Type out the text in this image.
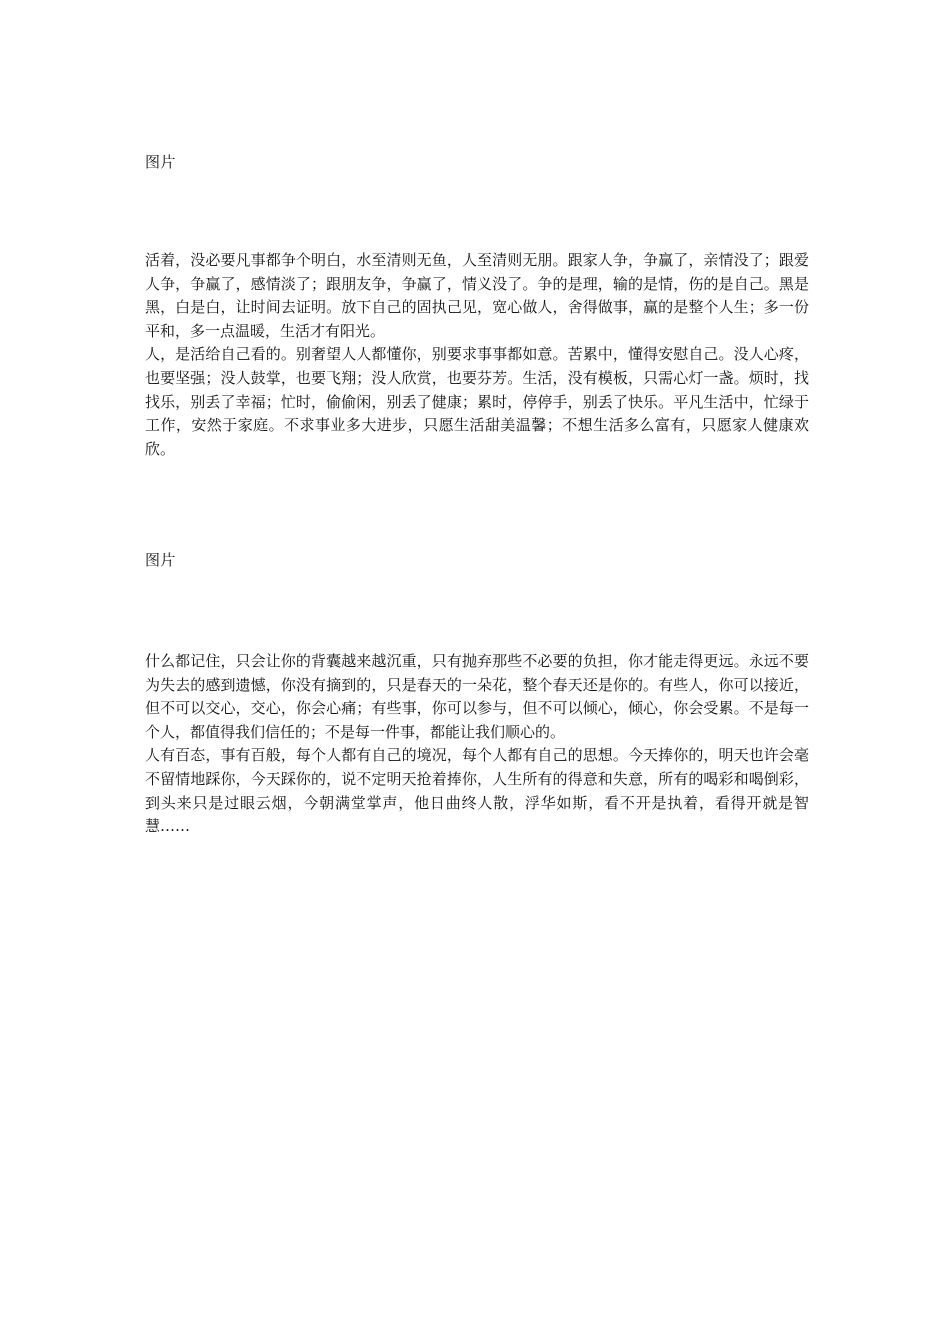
图片

活着，没必要凡事都争个明白，水至清则无鱼，人至清则无朋。跟家人争，争赢了，亲情没了；跟爱人争，争赢了，感情淡了；跟朋友争，争赢了，情义没了。争的是理，输的是情，伤的是自己。黑是黑，白是白，让时间去证明。放下自己的固执己见，宽心做人，舍得做事，赢的是整个人生；多一份平和，多一点温暖，生活才有阳光。

人，是活给自己看的。别奢望人人都懂你，别要求事事都如意。苦累中，懂得安慰自己。没人心疼，也要坚强；没人鼓掌，也要飞翔；没人欣赏，也要芬芳。生活，没有模板，只需心灯一盏。烦时，找找乐，别丢了幸福；忙时，偷偷闲，别丢了健康；累时，停停手，别丢了快乐。平凡生活中，忙绿于工作，安然于家庭。不求事业多大进步，只愿生活甜美温馨；不想生活多么富有，只愿家人健康欢欣。

图片

什么都记住，只会让你的背囊越来越沉重，只有抛弃那些不必要的负担，你才能走得更远。永远不要为失去的感到遗憾，你没有摘到的，只是春天的一朵花，整个春天还是你的。有些人，你可以接近，但不可以交心，交心，你会心痛；有些事，你可以参与，但不可以倾心，倾心，你会受累。不是每一个人，都值得我们信任的；不是每一件事，都能让我们顺心的。

人有百态，事有百般，每个人都有自己的境况，每个人都有自己的思想。今天捧你的，明天也许会毫不留情地踩你，今天踩你的，说不定明天抢着捧你，人生所有的得意和失意，所有的喝彩和喝倒彩，到头来只是过眼云烟，今朝满堂掌声，他日曲终人散，浮华如斯，看不开是执着，看得开就是智慧……
